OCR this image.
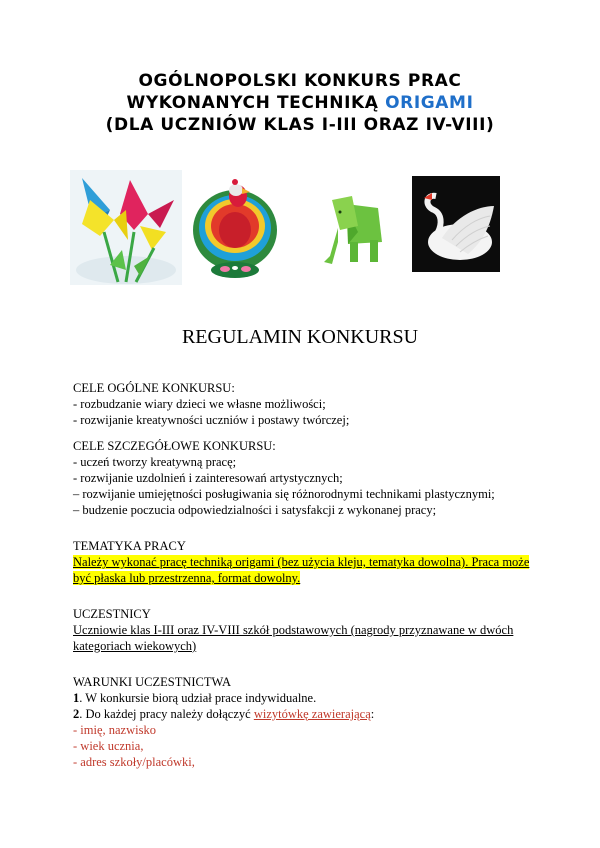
OGÓLNOPOLSKI KONKURS PRAC
WYKONANYCH TECHNIKĄ ORIGAMI
(DLA UCZNIÓW KLAS I-III ORAZ IV-VIII)
REGULAMIN KONKURSU
CELE OGÓLNE KONKURSU:
- rozbudzanie wiary dzieci we własne możliwości;
- rozwijanie kreatywności uczniów i postawy twórczej;
CELE SZCZEGÓŁOWE KONKURSU:
- uczeń tworzy kreatywną pracę;
- rozwijanie uzdolnień i zainteresowań artystycznych;
– rozwijanie umiejętności posługiwania się różnorodnymi technikami plastycznymi;
– budzenie poczucia odpowiedzialności i satysfakcji z wykonanej pracy;
TEMATYKA PRACY
Należy wykonać pracę techniką origami (bez użycia kleju, tematyka dowolna). Praca może być płaska lub przestrzenna, format dowolny.
UCZESTNICY
Uczniowie klas I-III oraz IV-VIII szkół podstawowych (nagrody przyznawane w dwóch kategoriach wiekowych)
WARUNKI UCZESTNICTWA
1. W konkursie biorą udział prace indywidualne.
2. Do każdej pracy należy dołączyć wizytówkę zawierającą:
- imię, nazwisko
- wiek ucznia,
- adres szkoły/placówki,
